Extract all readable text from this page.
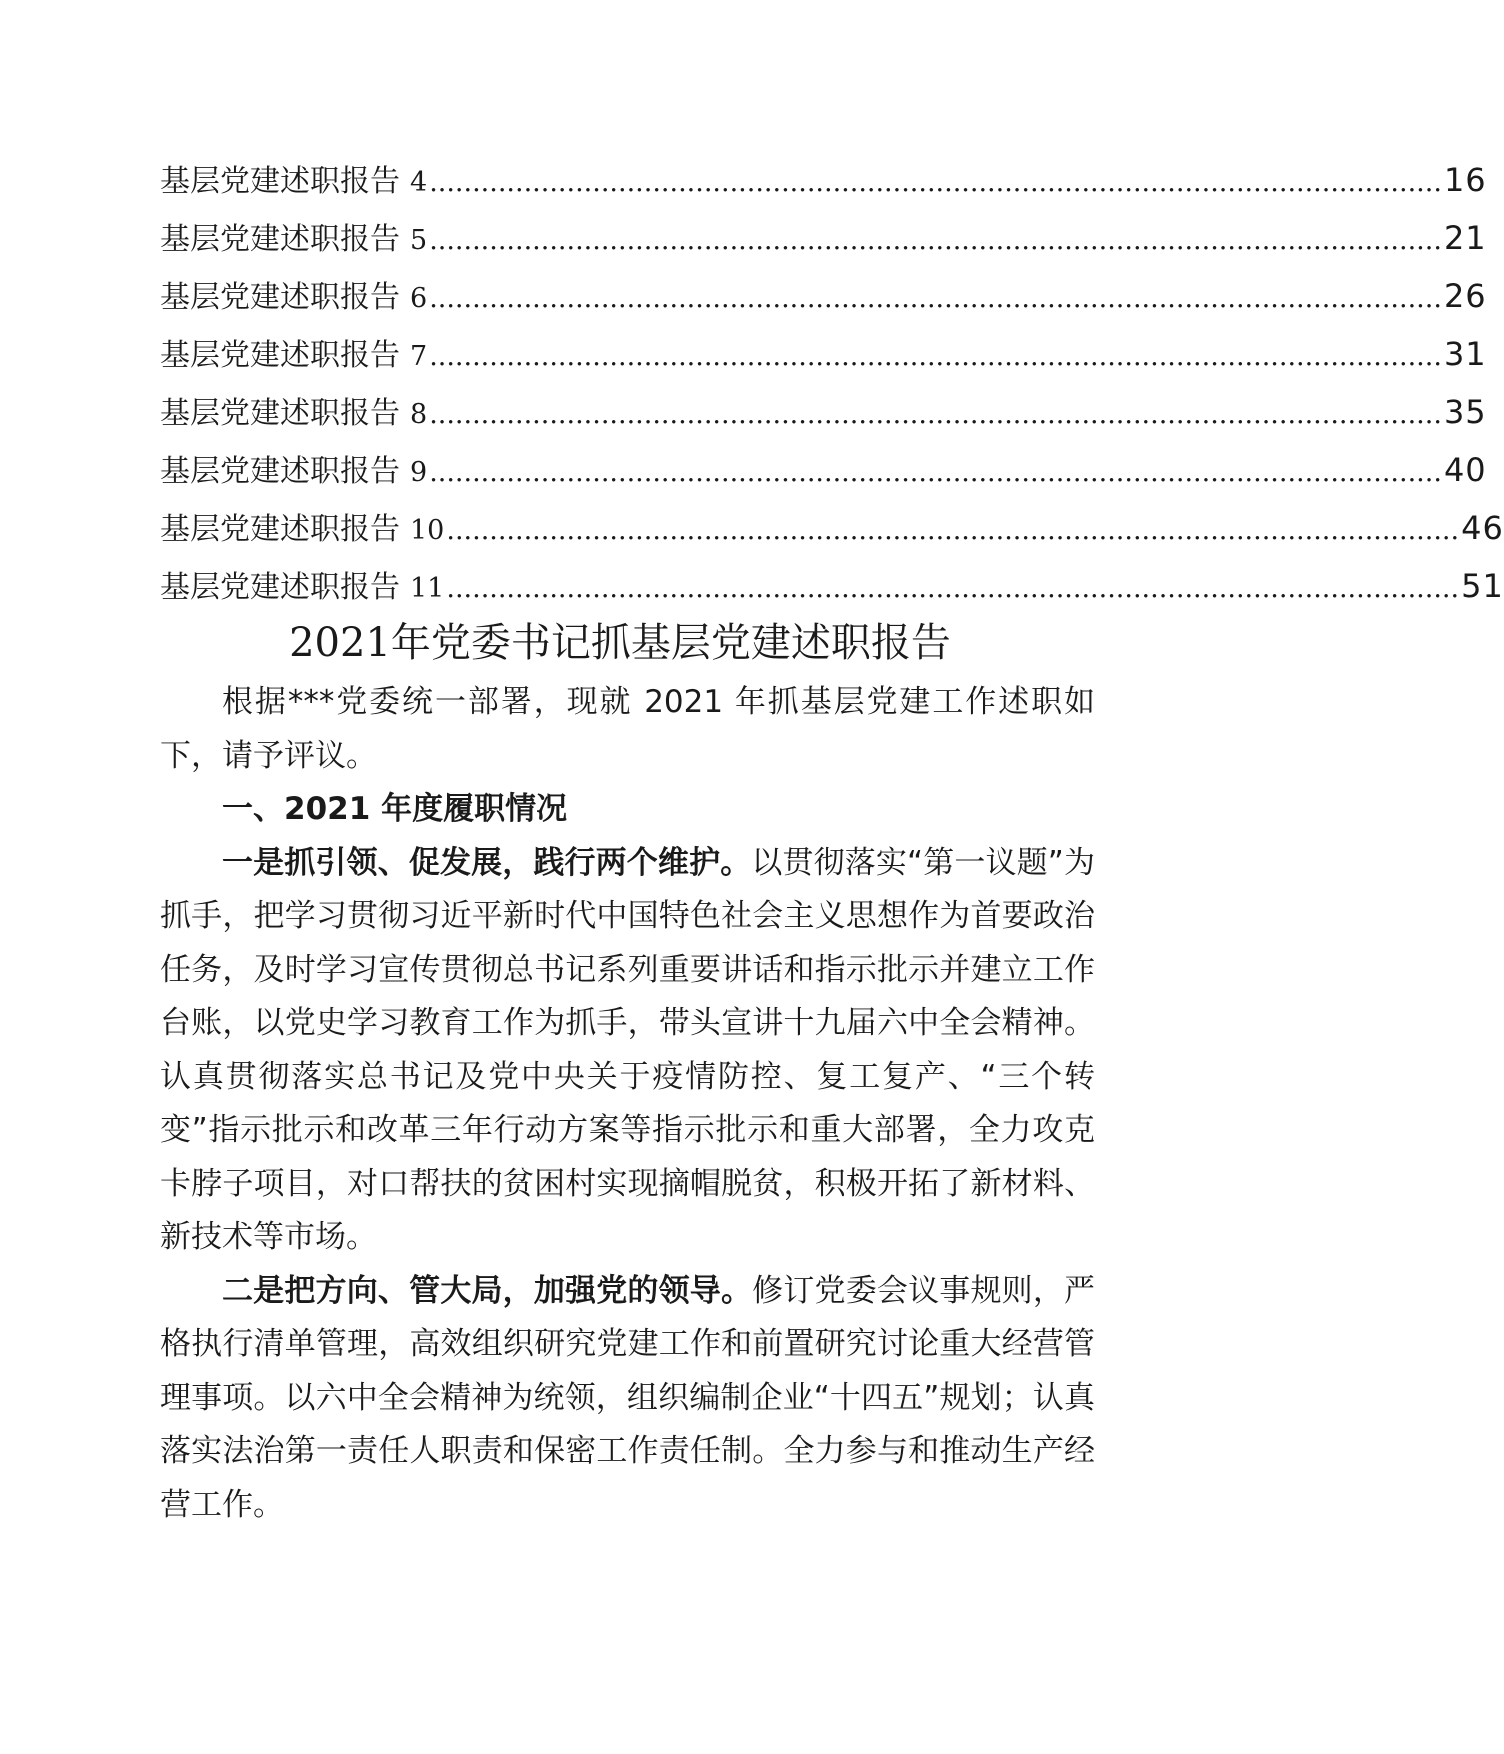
基层党建述职报告 4 ...................................................................................................................... 16
基层党建述职报告 5 ...................................................................................................................... 21
基层党建述职报告 6 ...................................................................................................................... 26
基层党建述职报告 7 ...................................................................................................................... 31
基层党建述职报告 8 ...................................................................................................................... 35
基层党建述职报告 9 ...................................................................................................................... 40
基层党建述职报告 10 ...................................................................................................................... 46
基层党建述职报告 11 ...................................................................................................................... 51
2021年党委书记抓基层党建述职报告

根据***党委统一部署，现就 2021 年抓基层党建工作述职如下，请予评议。

一、2021 年度履职情况

一是抓引领、促发展，践行两个维护。以贯彻落实“第一议题”为抓手，把学习贯彻习近平新时代中国特色社会主义思想作为首要政治任务，及时学习宣传贯彻总书记系列重要讲话和指示批示并建立工作台账，以党史学习教育工作为抓手，带头宣讲十九届六中全会精神。认真贯彻落实总书记及党中央关于疫情防控、复工复产、“三个转变”指示批示和改革三年行动方案等指示批示和重大部署，全力攻克卡脖子项目，对口帮扶的贫困村实现摘帽脱贫，积极开拓了新材料、新技术等市场。

二是把方向、管大局，加强党的领导。修订党委会议事规则，严格执行清单管理，高效组织研究党建工作和前置研究讨论重大经营管理事项。以六中全会精神为统领，组织编制企业“十四五”规划；认真落实法治第一责任人职责和保密工作责任制。全力参与和推动生产经营工作。
